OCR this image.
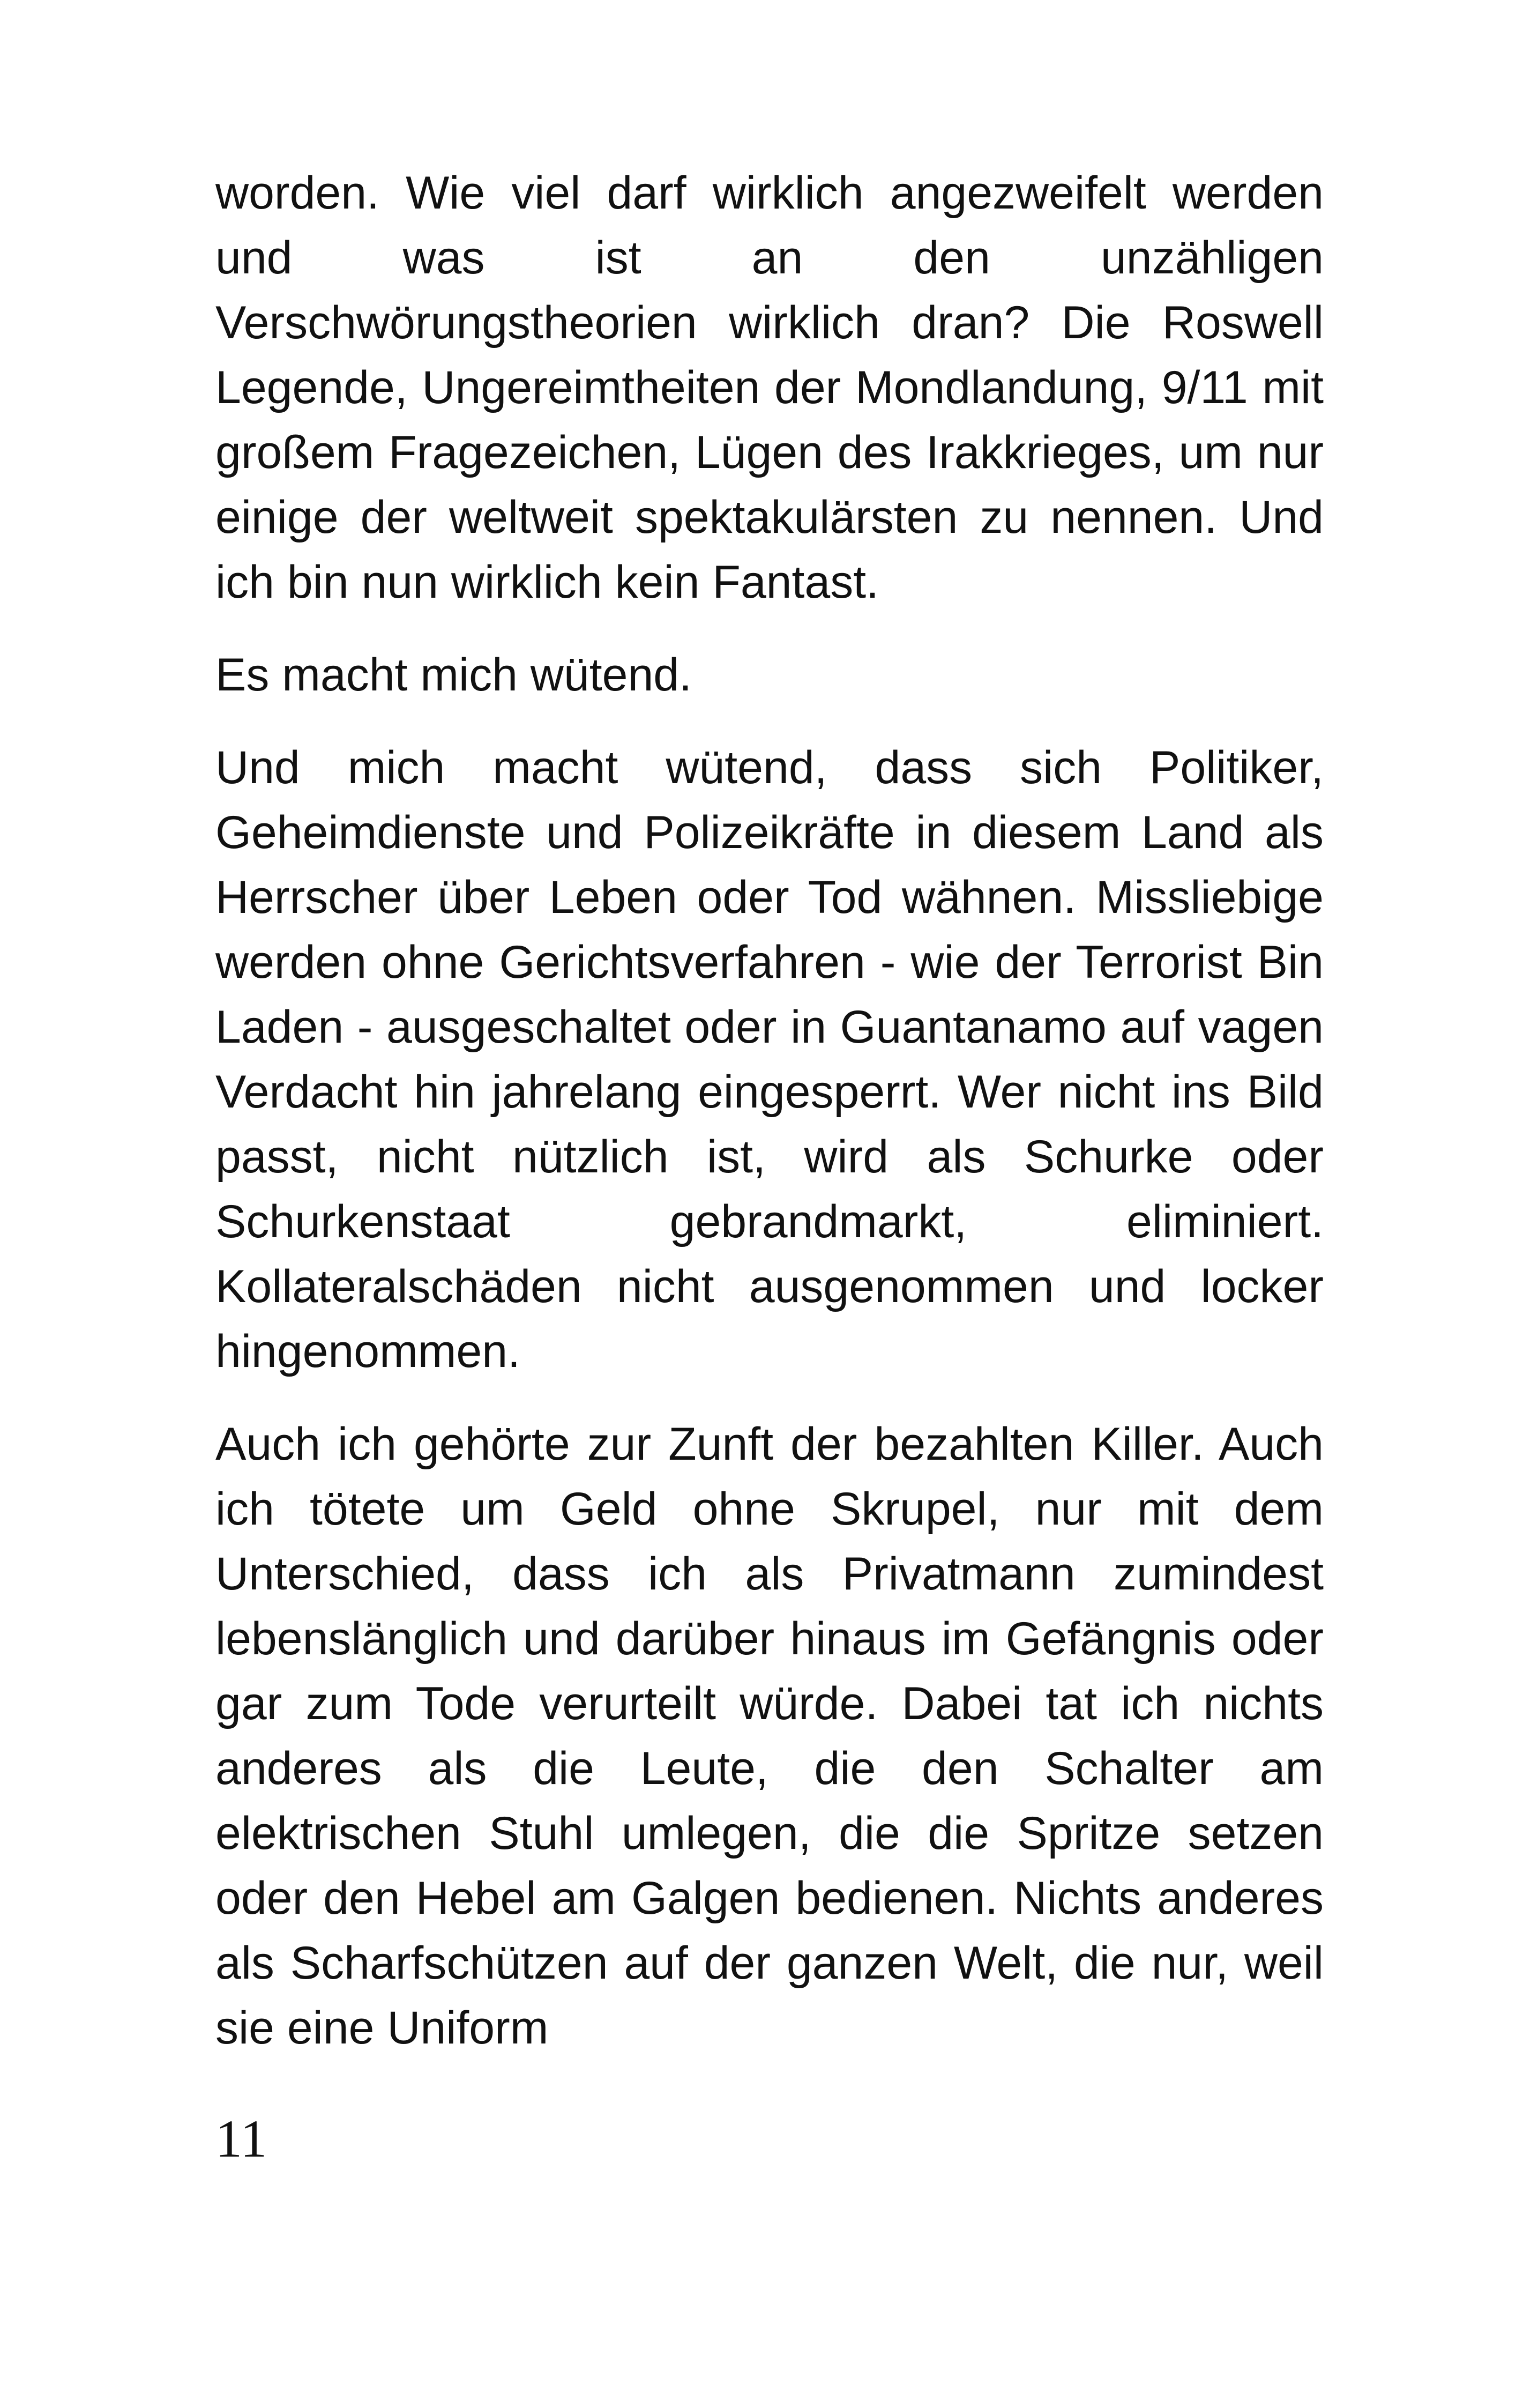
worden. Wie viel darf wirklich angezweifelt werden und was ist an den unzähligen Verschwörungstheorien wirklich dran? Die Roswell Legende, Ungereimtheiten der Mondlandung, 9/11 mit großem Fragezeichen, Lügen des Irakkrieges, um nur einige der weltweit spektakulärsten zu nennen. Und ich bin nun wirklich kein Fantast.

Es macht mich wütend.

Und mich macht wütend, dass sich Politiker, Geheimdienste und Polizeikräfte in diesem Land als Herrscher über Leben oder Tod wähnen. Missliebige werden ohne Gerichtsverfahren - wie der Terrorist Bin Laden - ausgeschaltet oder in Guantanamo auf vagen Verdacht hin jahrelang eingesperrt. Wer nicht ins Bild passt, nicht nützlich ist, wird als Schurke oder Schurkenstaat gebrandmarkt, eliminiert. Kollateralschäden nicht ausgenommen und locker hingenommen.

Auch ich gehörte zur Zunft der bezahlten Killer. Auch ich tötete um Geld ohne Skrupel, nur mit dem Unterschied, dass ich als Privatmann zumindest lebenslänglich und darüber hinaus im Gefängnis oder gar zum Tode verurteilt würde. Dabei tat ich nichts anderes als die Leute, die den Schalter am elektrischen Stuhl umlegen, die die Spritze setzen oder den Hebel am Galgen bedienen. Nichts anderes als Scharfschützen auf der ganzen Welt, die nur, weil sie eine Uniform

11
